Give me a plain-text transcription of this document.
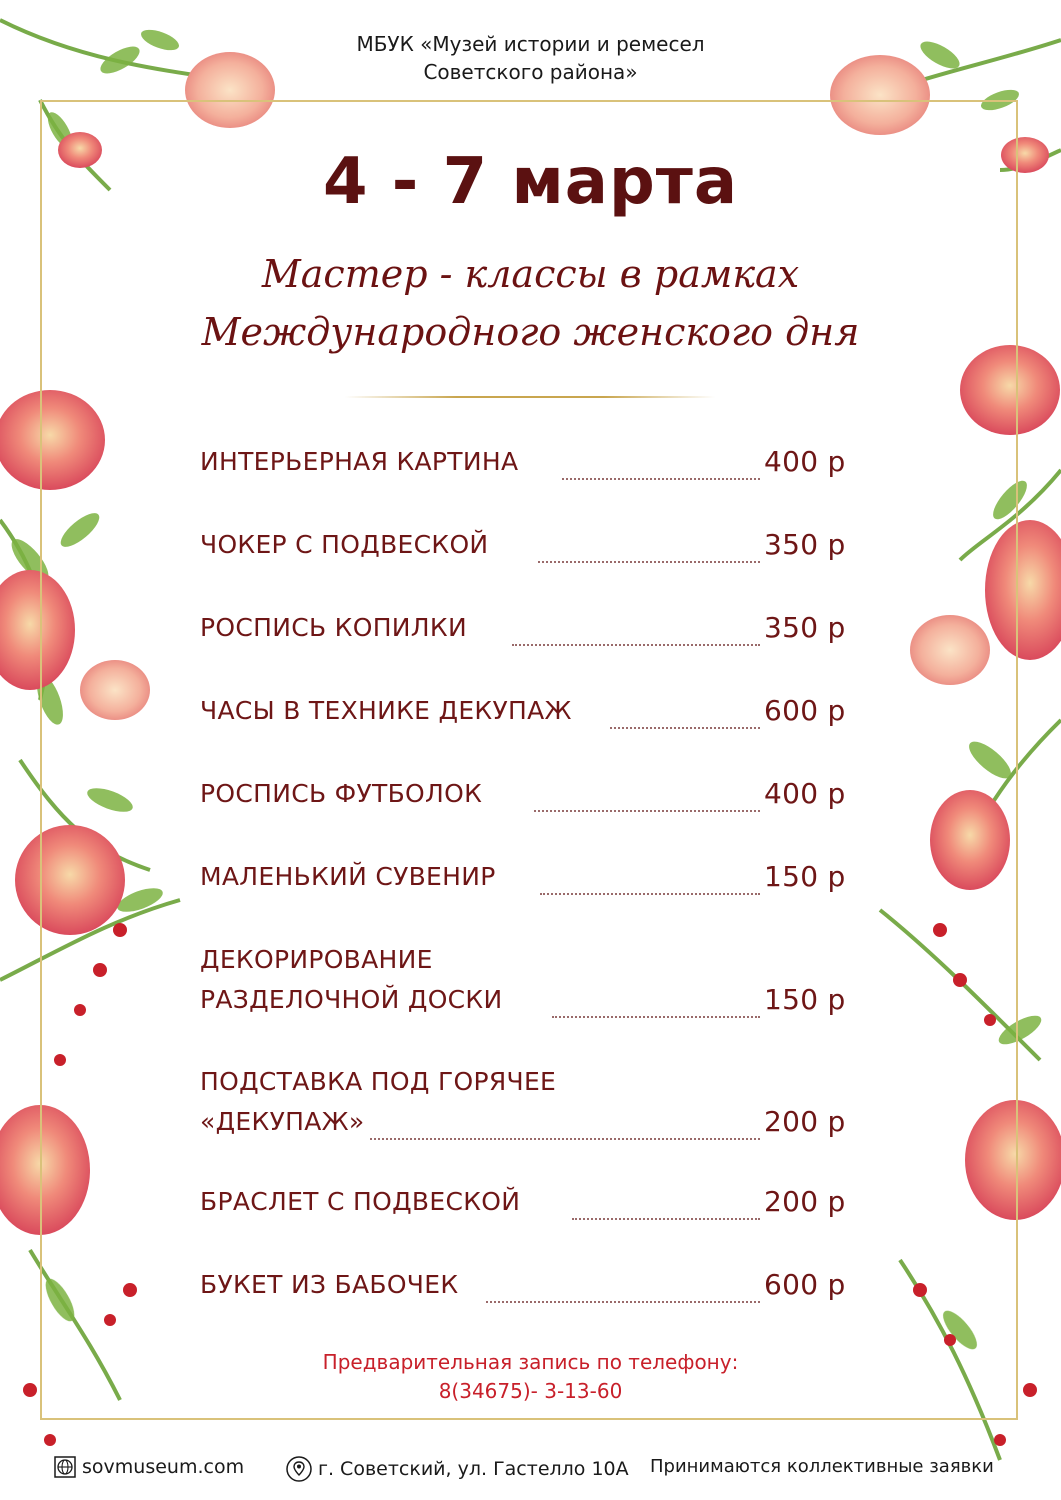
МБУК «Музей истории и ремесел
Советского района»
4 - 7 марта
Мастер - классы в рамках
Международного женского дня
ИНТЕРЬЕРНАЯ КАРТИНА	400 р
ЧОКЕР С ПОДВЕСКОЙ	350 р
РОСПИСЬ КОПИЛКИ	350 р
ЧАСЫ В ТЕХНИКЕ ДЕКУПАЖ	600 р
РОСПИСЬ ФУТБОЛОК	400 р
МАЛЕНЬКИЙ СУВЕНИР	150 р
ДЕКОРИРОВАНИЕ
РАЗДЕЛОЧНОЙ ДОСКИ	150 р
ПОДСТАВКА ПОД ГОРЯЧЕЕ
«ДЕКУПАЖ»	200 р
БРАСЛЕТ С ПОДВЕСКОЙ	200 р
БУКЕТ ИЗ БАБОЧЕК	600 р
Предварительная запись по телефону:
8(34675)- 3-13-60
sovmuseum.com	г. Советский, ул. Гастелло 10А Принимаются коллективные заявки
